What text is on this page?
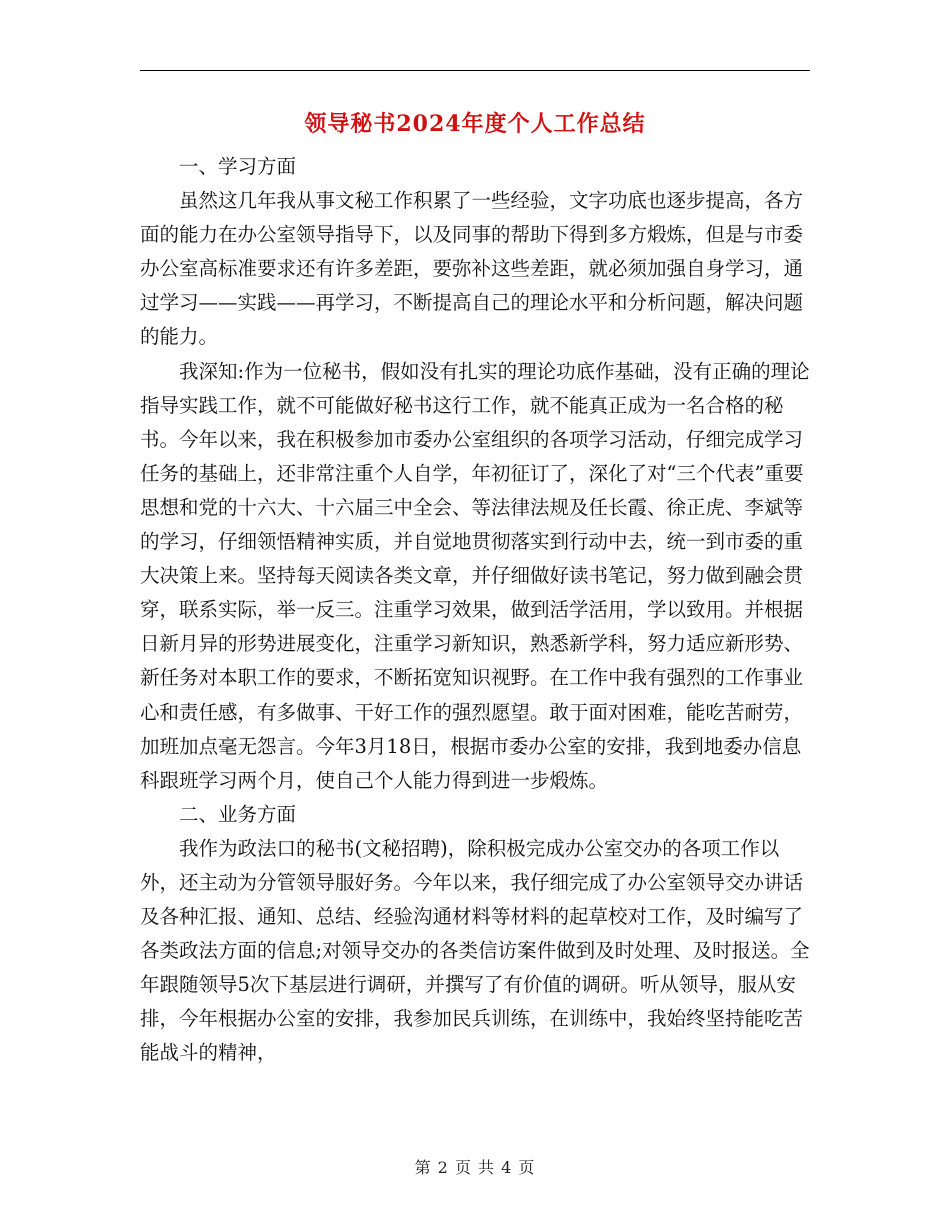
领导秘书2024年度个人工作总结

一、学习方面

虽然这几年我从事文秘工作积累了一些经验，文字功底也逐步提高，各方面的能力在办公室领导指导下，以及同事的帮助下得到多方煅炼，但是与市委办公室高标准要求还有许多差距，要弥补这些差距，就必须加强自身学习，通过学习——实践——再学习，不断提高自己的理论水平和分析问题，解决问题的能力。

我深知:作为一位秘书，假如没有扎实的理论功底作基础，没有正确的理论指导实践工作，就不可能做好秘书这行工作，就不能真正成为一名合格的秘书。今年以来，我在积极参加市委办公室组织的各项学习活动，仔细完成学习任务的基础上，还非常注重个人自学，年初征订了，深化了对“三个代表”重要思想和党的十六大、十六届三中全会、等法律法规及任长霞、徐正虎、李斌等的学习，仔细领悟精神实质，并自觉地贯彻落实到行动中去，统一到市委的重大决策上来。坚持每天阅读各类文章，并仔细做好读书笔记，努力做到融会贯穿，联系实际，举一反三。注重学习效果，做到活学活用，学以致用。并根据日新月异的形势进展变化，注重学习新知识，熟悉新学科，努力适应新形势、新任务对本职工作的要求，不断拓宽知识视野。在工作中我有强烈的工作事业心和责任感，有多做事、干好工作的强烈愿望。敢于面对困难，能吃苦耐劳，加班加点毫无怨言。今年3月18日，根据市委办公室的安排，我到地委办信息科跟班学习两个月，使自己个人能力得到进一步煅炼。

二、业务方面

我作为政法口的秘书(文秘招聘)，除积极完成办公室交办的各项工作以外，还主动为分管领导服好务。今年以来，我仔细完成了办公室领导交办讲话及各种汇报、通知、总结、经验沟通材料等材料的起草校对工作，及时编写了各类政法方面的信息;对领导交办的各类信访案件做到及时处理、及时报送。全年跟随领导5次下基层进行调研，并撰写了有价值的调研。听从领导，服从安排，今年根据办公室的安排，我参加民兵训练，在训练中，我始终坚持能吃苦能战斗的精神，

第 2 页 共 4 页
